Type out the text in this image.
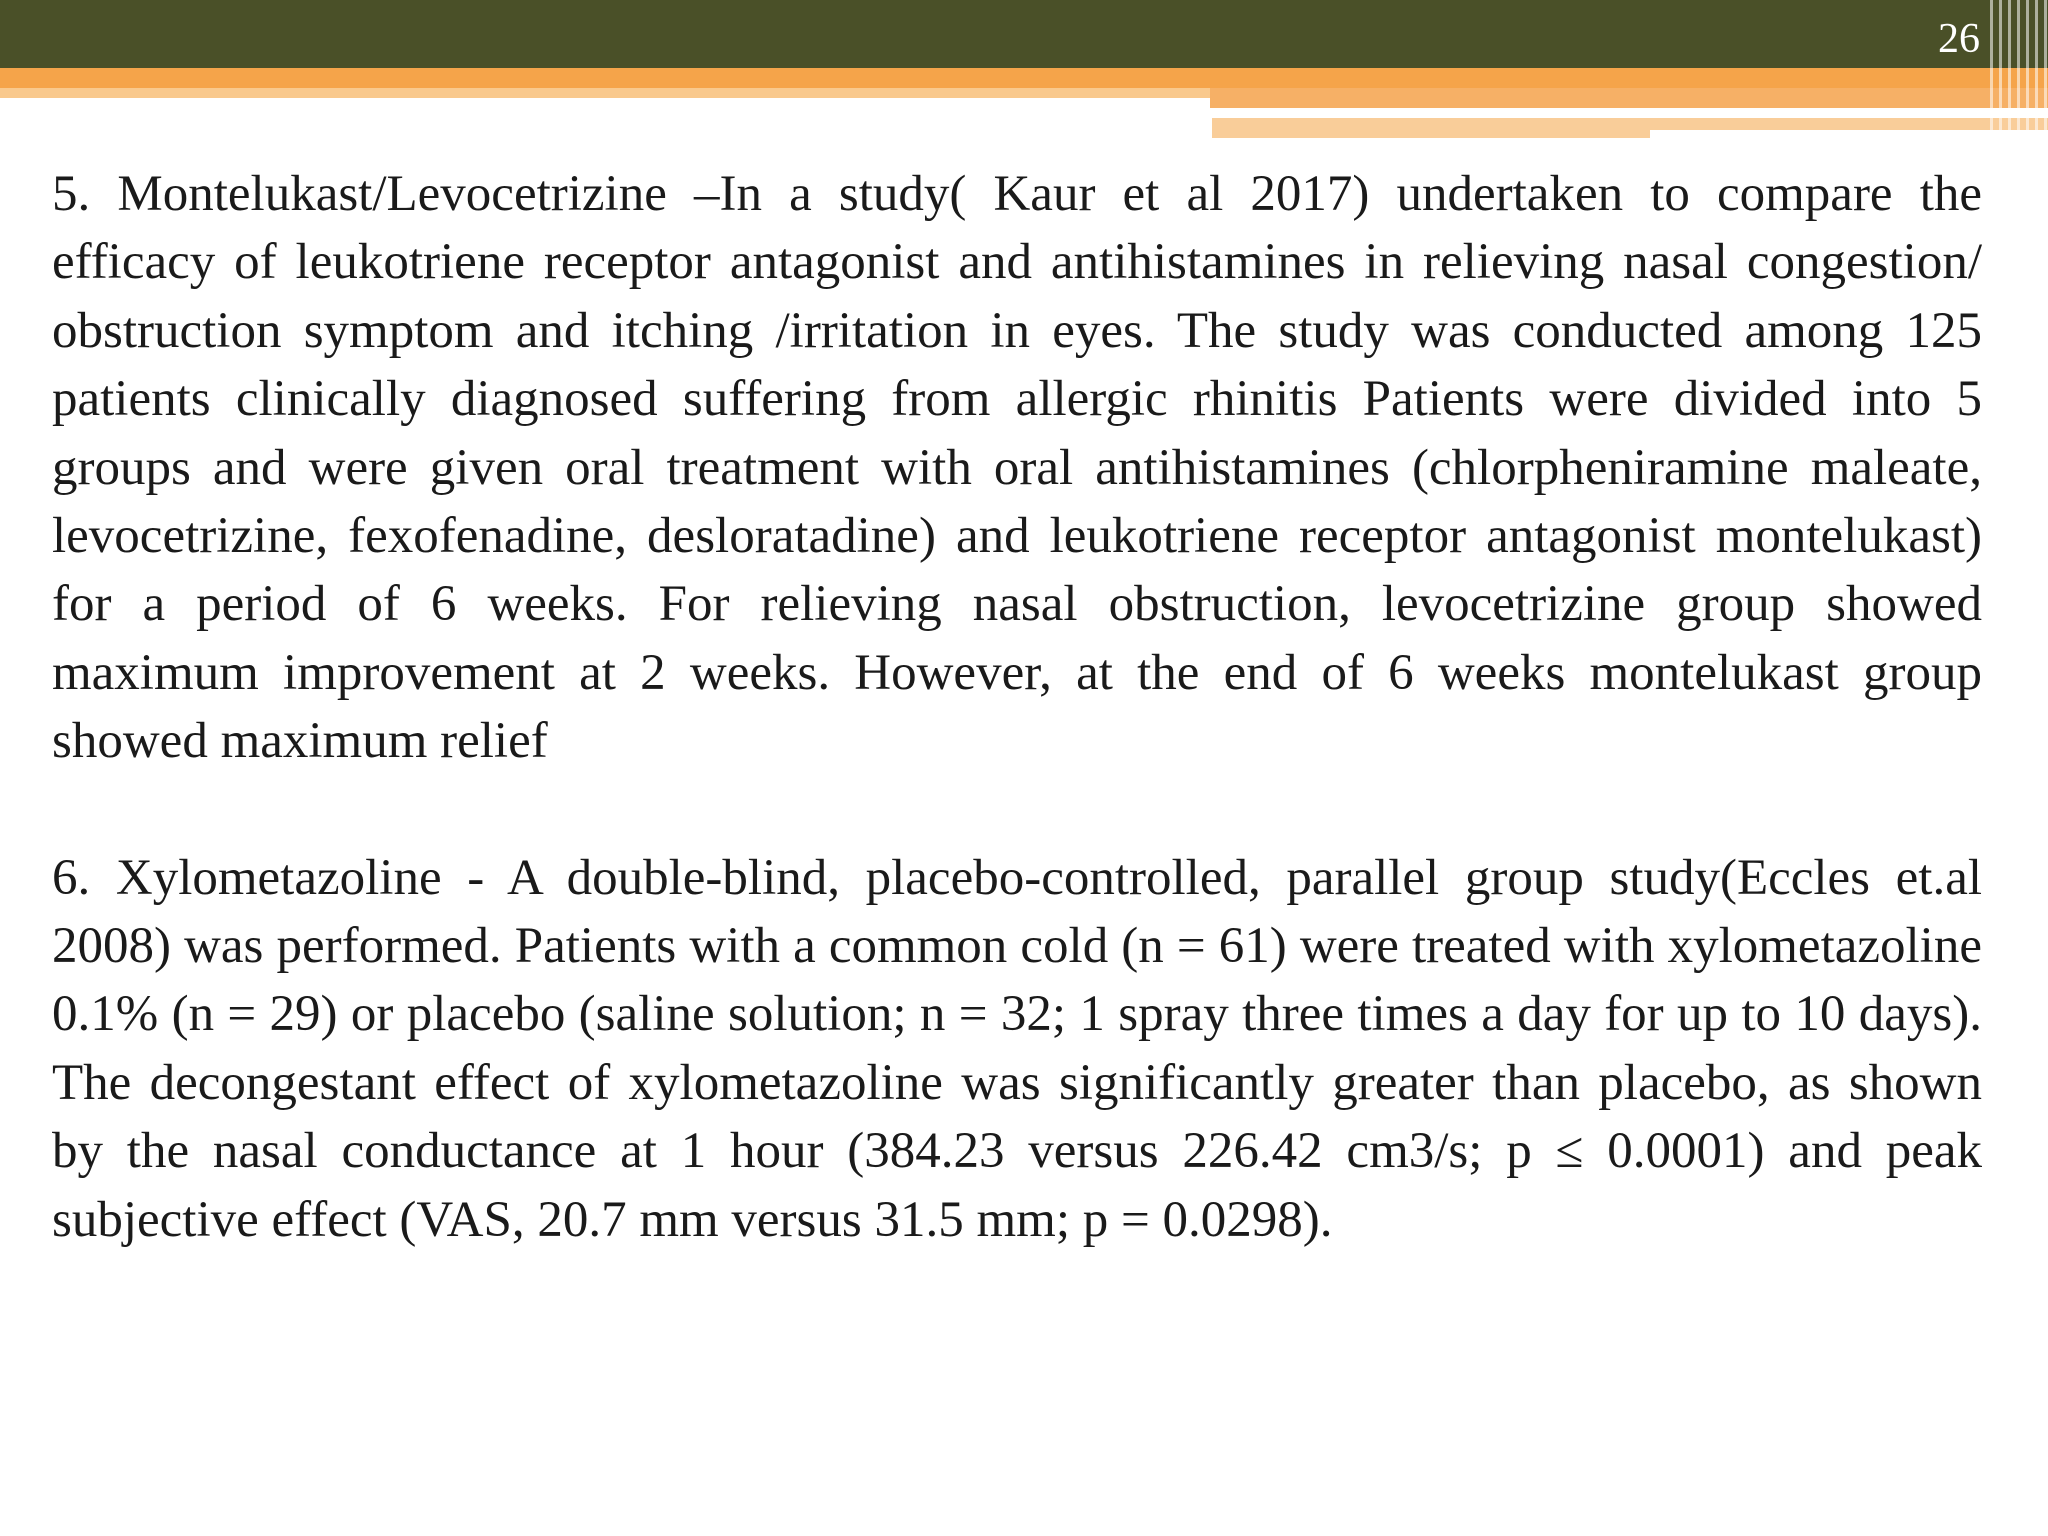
26

5. Montelukast/Levocetrizine –In a study( Kaur et al 2017) undertaken to compare the efficacy of leukotriene receptor antagonist and antihistamines in relieving nasal congestion/ obstruction symptom and itching /irritation in eyes. The study was conducted among 125 patients clinically diagnosed suffering from allergic rhinitis Patients were divided into 5 groups and were given oral treatment with oral antihistamines (chlorpheniramine maleate, levocetrizine, fexofenadine, desloratadine) and leukotriene receptor antagonist montelukast) for a period of 6 weeks. For relieving nasal obstruction, levocetrizine group showed maximum improvement at 2 weeks. However, at the end of 6 weeks montelukast group showed maximum relief

6. Xylometazoline - A double-blind, placebo-controlled, parallel group study(Eccles et.al 2008) was performed. Patients with a common cold (n = 61) were treated with xylometazoline 0.1% (n = 29) or placebo (saline solution; n = 32; 1 spray three times a day for up to 10 days). The decongestant effect of xylometazoline was significantly greater than placebo, as shown by the nasal conductance at 1 hour (384.23 versus 226.42 cm3/s; p ≤ 0.0001) and peak subjective effect (VAS, 20.7 mm versus 31.5 mm; p = 0.0298).
